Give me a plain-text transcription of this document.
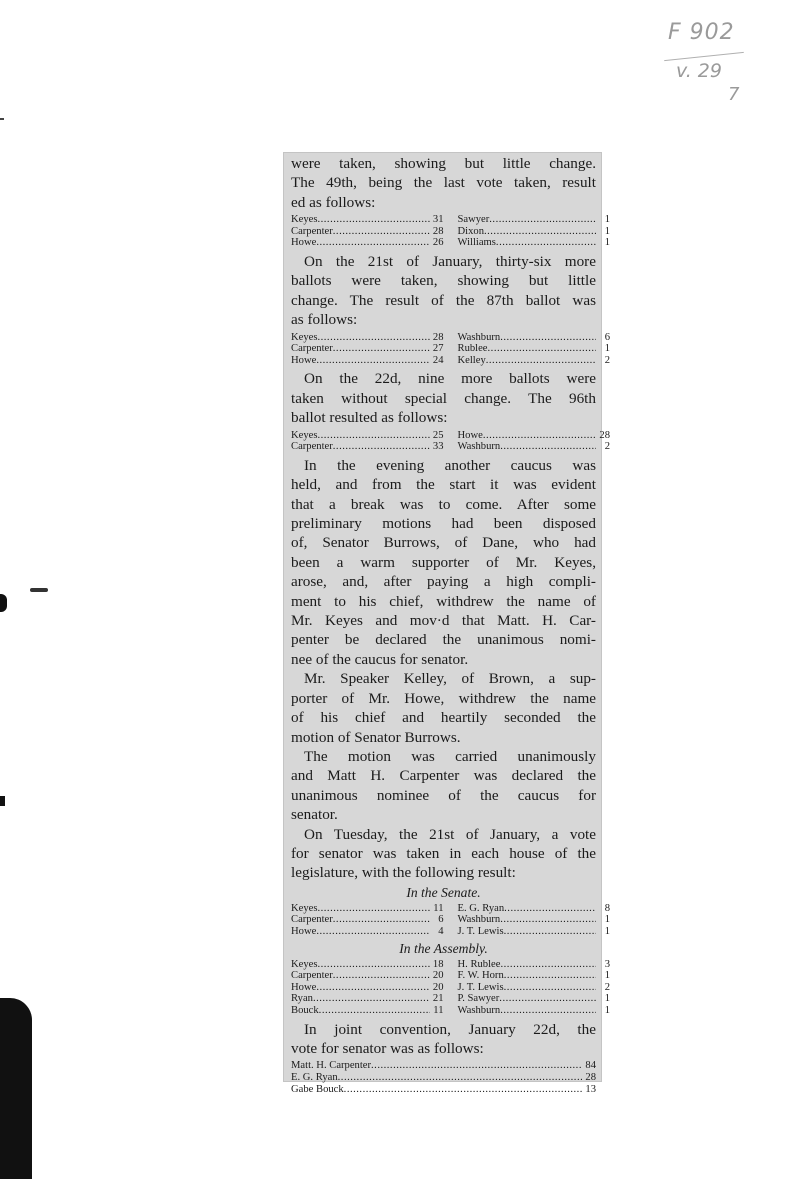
F 902
v. 29
7

were taken, showing but little change.

The 49th, being the last vote taken, result

ed as follows:

Keyes .....	31 Sawyer .....	1
Carpenter .....	28 Dixon .....	1
Howe .....	26 Williams .....	1

On the 21st of January, thirty-six more

ballots were taken, showing but little

change. The result of the 87th ballot was

as follows:

Keyes .....	28 Washburn .....	6
Carpenter .....	27 Rublee .....	1
Howe .....	24 Kelley .....	2

On the 22d, nine more ballots were

taken without special change. The 96th

ballot resulted as follows:

Keyes .....	25 Howe .....	28
Carpenter .....	33 Washburn .....	2

In the evening another caucus was

held, and from the start it was evident

that a break was to come. After some

preliminary motions had been disposed

of, Senator Burrows, of Dane, who had

been a warm supporter of Mr. Keyes,

arose, and, after paying a high compli-

ment to his chief, withdrew the name of

Mr. Keyes and mov·d that Matt. H. Car-

penter be declared the unanimous nomi-

nee of the caucus for senator.

Mr. Speaker Kelley, of Brown, a sup-

porter of Mr. Howe, withdrew the name

of his chief and heartily seconded the

motion of Senator Burrows.

The motion was carried unanimously

and Matt H. Carpenter was declared the

unanimous nominee of the caucus for

senator.

On Tuesday, the 21st of January, a vote

for senator was taken in each house of the

legislature, with the following result:

In the Senate.
Keyes .....	11 E. G. Ryan .....	8
Carpenter .....	6 Washburn .....	1
Howe .....	4 J. T. Lewis .....	1
In the Assembly.
Keyes .....	18 H. Rublee .....	3
Carpenter .....	20 F. W. Horn .....	1
Howe .....	20 J. T. Lewis .....	2
Ryan .....	21 P. Sawyer .....	1
Bouck .....	11 Washburn .....	1

In joint convention, January 22d, the

vote for senator was as follows:

Matt. H. Carpenter .....	84
E. G. Ryan .....	28
Gabe Bouck .....	13
